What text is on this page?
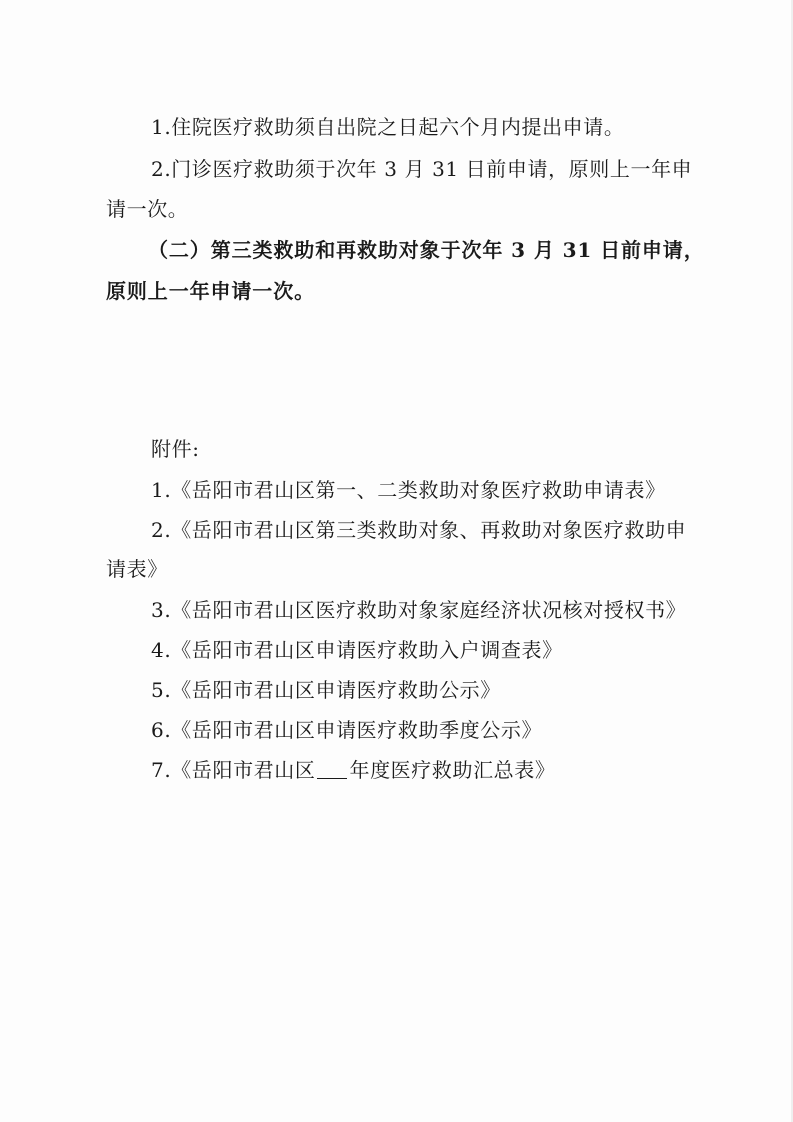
1.住院医疗救助须自出院之日起六个月内提出申请。
2.门诊医疗救助须于次年 3 月 31 日前申请，原则上一年申
请一次。
（二）第三类救助和再救助对象于次年 3 月 31 日前申请，
原则上一年申请一次。
附件:
1.《岳阳市君山区第一、二类救助对象医疗救助申请表》
2.《岳阳市君山区第三类救助对象、再救助对象医疗救助申
请表》
3.《岳阳市君山区医疗救助对象家庭经济状况核对授权书》
4.《岳阳市君山区申请医疗救助入户调查表》
5.《岳阳市君山区申请医疗救助公示》
6.《岳阳市君山区申请医疗救助季度公示》
7.《岳阳市君山区 年度医疗救助汇总表》
